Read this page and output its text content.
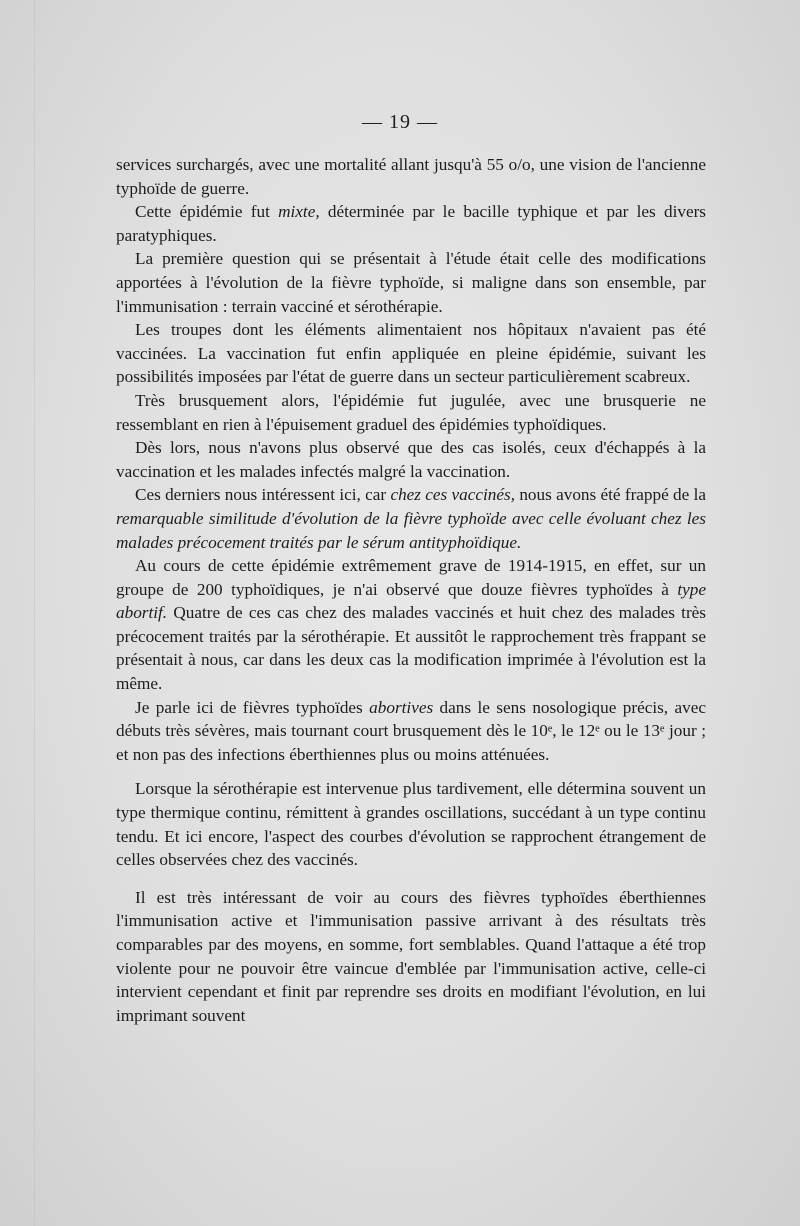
— 19 —

services surchargés, avec une mortalité allant jusqu'à 55 o/o, une vision de l'ancienne typhoïde de guerre.

Cette épidémie fut mixte, déterminée par le bacille typhique et par les divers paratyphiques.

La première question qui se présentait à l'étude était celle des modifications apportées à l'évolution de la fièvre typhoïde, si maligne dans son ensemble, par l'immunisation : terrain vacciné et sérothérapie.

Les troupes dont les éléments alimentaient nos hôpitaux n'avaient pas été vaccinées. La vaccination fut enfin appliquée en pleine épidémie, suivant les possibilités imposées par l'état de guerre dans un secteur particulièrement scabreux.

Très brusquement alors, l'épidémie fut jugulée, avec une brusquerie ne ressemblant en rien à l'épuisement graduel des épidémies typhoïdiques.

Dès lors, nous n'avons plus observé que des cas isolés, ceux d'échappés à la vaccination et les malades infectés malgré la vaccination.

Ces derniers nous intéressent ici, car chez ces vaccinés, nous avons été frappé de la remarquable similitude d'évolution de la fièvre typhoïde avec celle évoluant chez les malades précocement traités par le sérum antityphoïdique.

Au cours de cette épidémie extrêmement grave de 1914-1915, en effet, sur un groupe de 200 typhoïdiques, je n'ai observé que douze fièvres typhoïdes à type abortif. Quatre de ces cas chez des malades vaccinés et huit chez des malades très précocement traités par la sérothérapie. Et aussitôt le rapprochement très frappant se présentait à nous, car dans les deux cas la modification imprimée à l'évolution est la même.

Je parle ici de fièvres typhoïdes abortives dans le sens nosologique précis, avec débuts très sévères, mais tournant court brusquement dès le 10ᵉ, le 12ᵉ ou le 13ᵉ jour ; et non pas des infections éberthiennes plus ou moins atténuées.

Lorsque la sérothérapie est intervenue plus tardivement, elle détermina souvent un type thermique continu, rémittent à grandes oscillations, succédant à un type continu tendu. Et ici encore, l'aspect des courbes d'évolution se rapprochent étrangement de celles observées chez des vaccinés.

Il est très intéressant de voir au cours des fièvres typhoïdes éberthiennes l'immunisation active et l'immunisation passive arrivant à des résultats très comparables par des moyens, en somme, fort semblables. Quand l'attaque a été trop violente pour ne pouvoir être vaincue d'emblée par l'immunisation active, celle-ci intervient cependant et finit par reprendre ses droits en modifiant l'évolution, en lui imprimant souvent
